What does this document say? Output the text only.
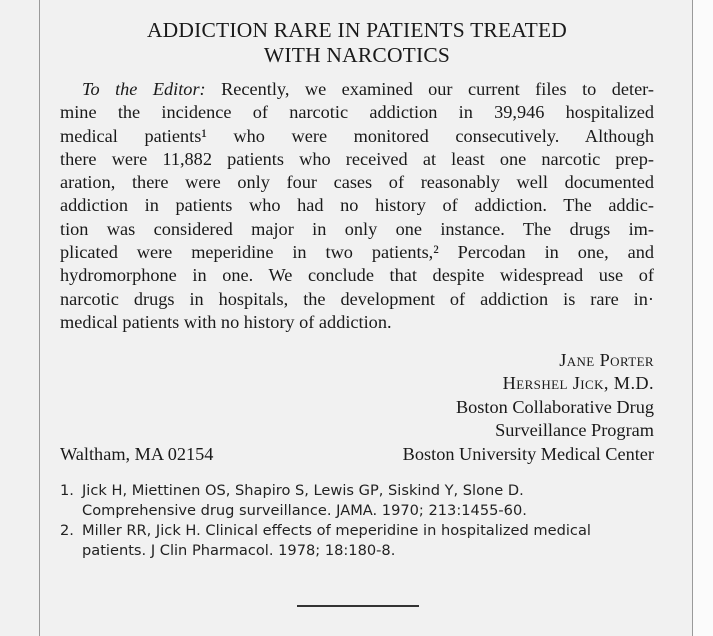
ADDICTION RARE IN PATIENTS TREATED
WITH NARCOTICS
To the Editor: Recently, we examined our current files to deter-
mine the incidence of narcotic addiction in 39,946 hospitalized
medical patients¹ who were monitored consecutively. Although
there were 11,882 patients who received at least one narcotic prep-
aration, there were only four cases of reasonably well documented
addiction in patients who had no history of addiction. The addic-
tion was considered major in only one instance. The drugs im-
plicated were meperidine in two patients,² Percodan in one, and
hydromorphone in one. We conclude that despite widespread use of
narcotic drugs in hospitals, the development of addiction is rare in·
medical patients with no history of addiction.
Jane Porter
Hershel Jick, M.D.
Boston Collaborative Drug
Surveillance Program
Boston University Medical Center
Waltham, MA 02154
1. Jick H, Miettinen OS, Shapiro S, Lewis GP, Siskind Y, Slone D.
Comprehensive drug surveillance. JAMA. 1970; 213:1455-60.
2. Miller RR, Jick H. Clinical effects of meperidine in hospitalized medical
patients. J Clin Pharmacol. 1978; 18:180-8.
